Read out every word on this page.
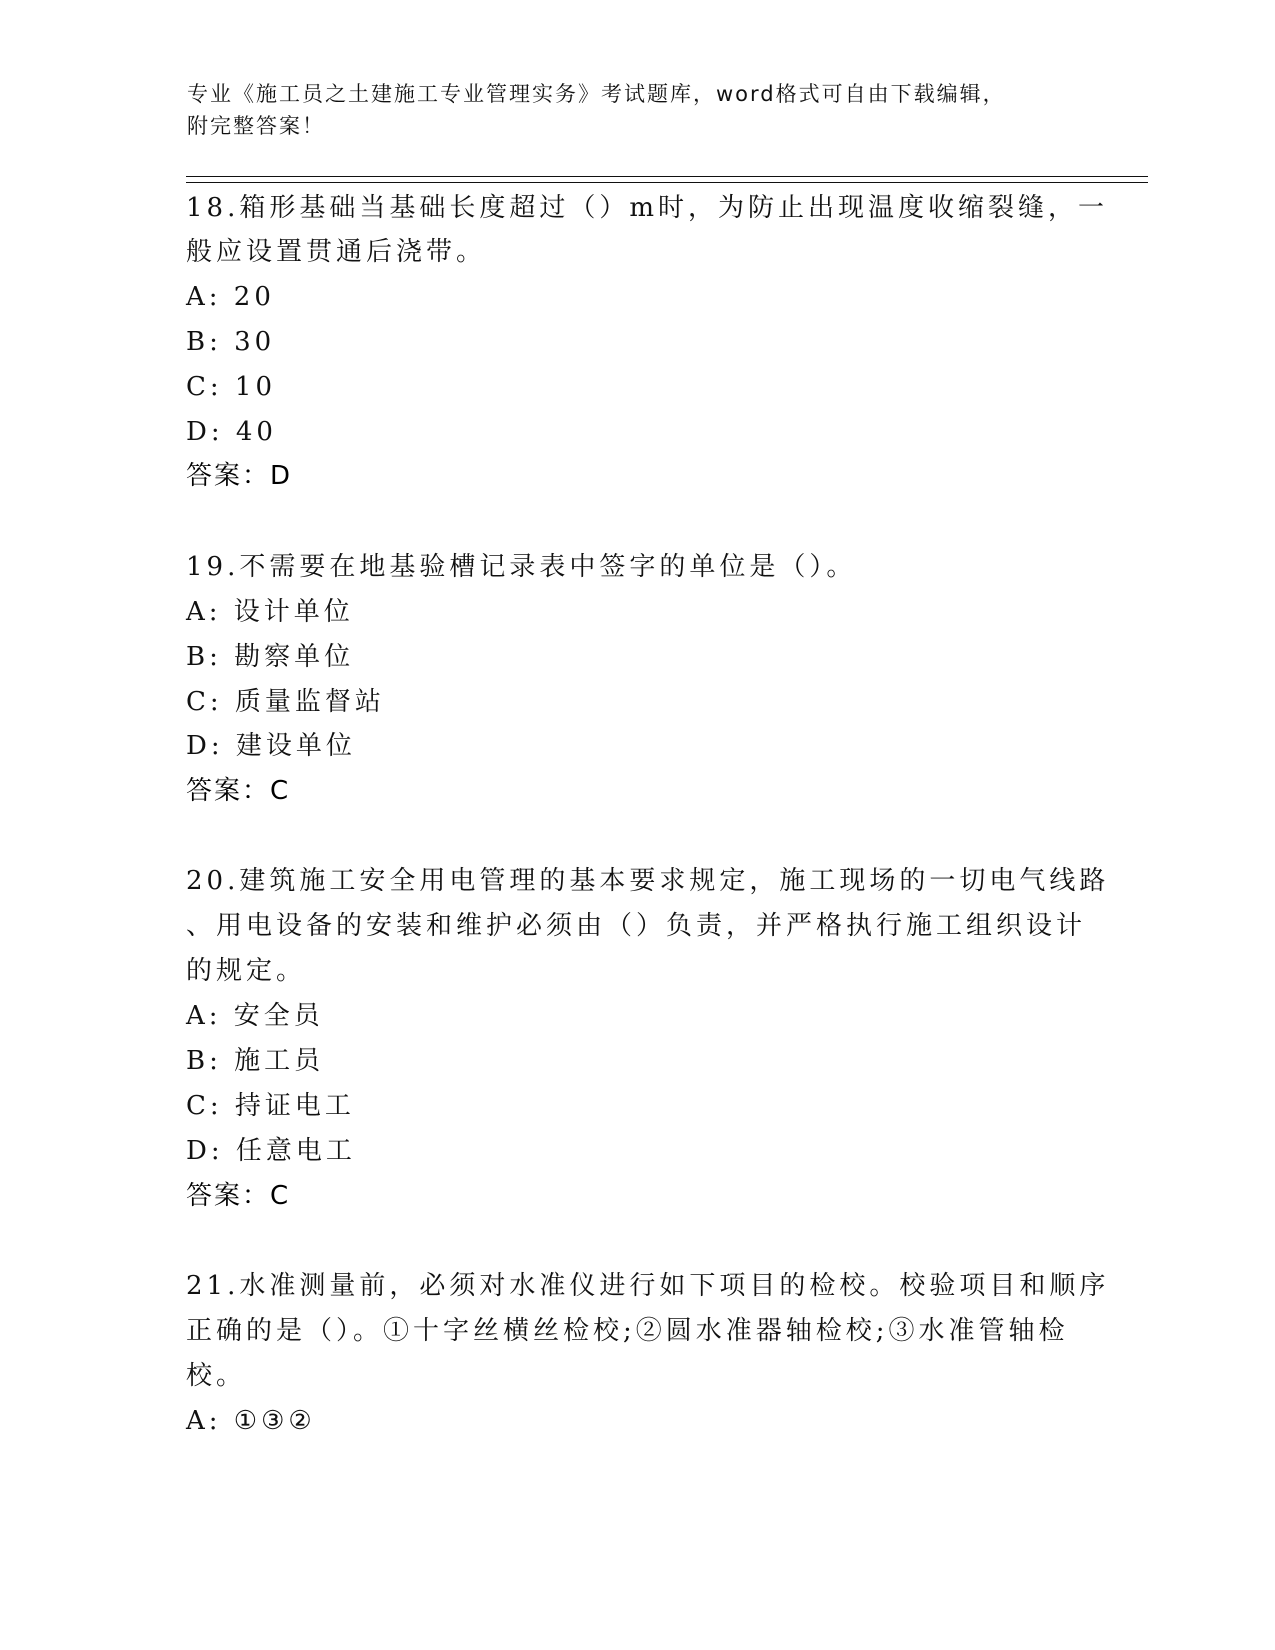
专业《施工员之土建施工专业管理实务》考试题库，word格式可自由下载编辑，
附完整答案！
18.箱形基础当基础长度超过（）m时，为防止出现温度收缩裂缝，一
般应设置贯通后浇带。
A: 20
B: 30
C: 10
D: 40
答案：D
19.不需要在地基验槽记录表中签字的单位是（）。
A: 设计单位
B: 勘察单位
C: 质量监督站
D: 建设单位
答案：C
20.建筑施工安全用电管理的基本要求规定，施工现场的一切电气线路
、用电设备的安装和维护必须由（）负责，并严格执行施工组织设计
的规定。
A: 安全员
B: 施工员
C: 持证电工
D: 任意电工
答案：C
21.水准测量前，必须对水准仪进行如下项目的检校。校验项目和顺序
正确的是（）。①十字丝横丝检校;②圆水准器轴检校;③水准管轴检
校。
A: ①③②
